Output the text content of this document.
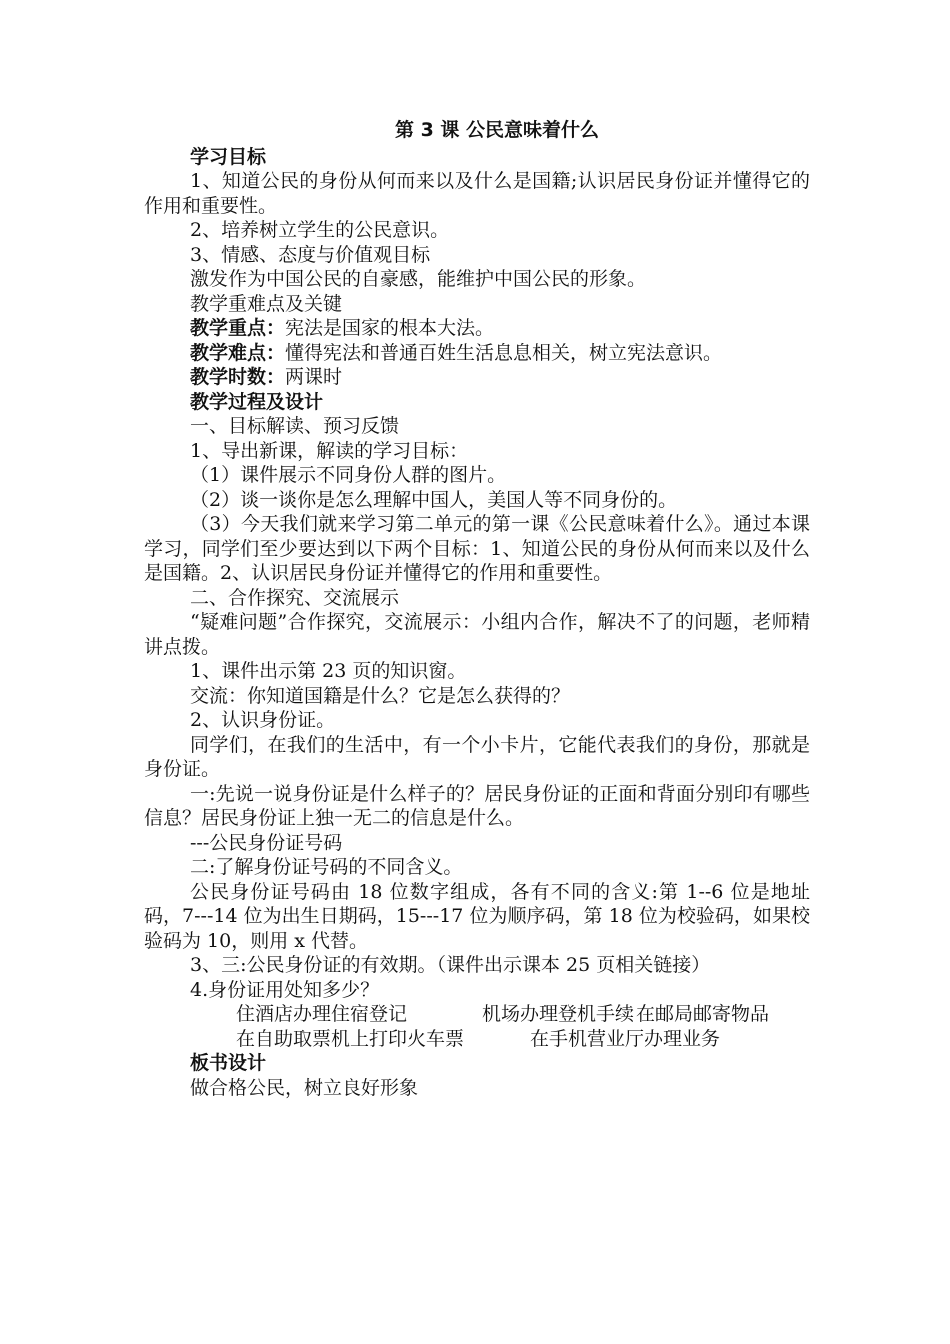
第 3 课 公民意味着什么

学习目标

1、知道公民的身份从何而来以及什么是国籍;认识居民身份证并懂得它的作用和重要性。

2、培养树立学生的公民意识。

3、情感、态度与价值观目标

激发作为中国公民的自豪感，能维护中国公民的形象。

教学重难点及关键

教学重点：宪法是国家的根本大法。

教学难点：懂得宪法和普通百姓生活息息相关，树立宪法意识。

教学时数：两课时

教学过程及设计

一、目标解读、预习反馈

1、导出新课，解读的学习目标：

（1）课件展示不同身份人群的图片。

（2）谈一谈你是怎么理解中国人，美国人等不同身份的。

（3）今天我们就来学习第二单元的第一课《公民意味着什么》。通过本课学习，同学们至少要达到以下两个目标：1、知道公民的身份从何而来以及什么是国籍。2、认识居民身份证并懂得它的作用和重要性。

二、合作探究、交流展示

“疑难问题”合作探究，交流展示：小组内合作，解决不了的问题，老师精讲点拨。

1、课件出示第 23 页的知识窗。

交流：你知道国籍是什么？它是怎么获得的？

2、认识身份证。

同学们，在我们的生活中，有一个小卡片，它能代表我们的身份，那就是身份证。

一:先说一说身份证是什么样子的？居民身份证的正面和背面分别印有哪些信息？居民身份证上独一无二的信息是什么。

---公民身份证号码

二:了解身份证号码的不同含义。

公民身份证号码由 18 位数字组成，各有不同的含义:第 1--6 位是地址码，7---14 位为出生日期码，15---17 位为顺序码，第 18 位为校验码，如果校验码为 10，则用 x 代替。

3、三:公民身份证的有效期。（课件出示课本 25 页相关链接）

4.身份证用处知多少？

住酒店办理住宿登记	机场办理登机手续 在邮局邮寄物品

在自助取票机上打印火车票	在手机营业厅办理业务

板书设计

做合格公民，树立良好形象
